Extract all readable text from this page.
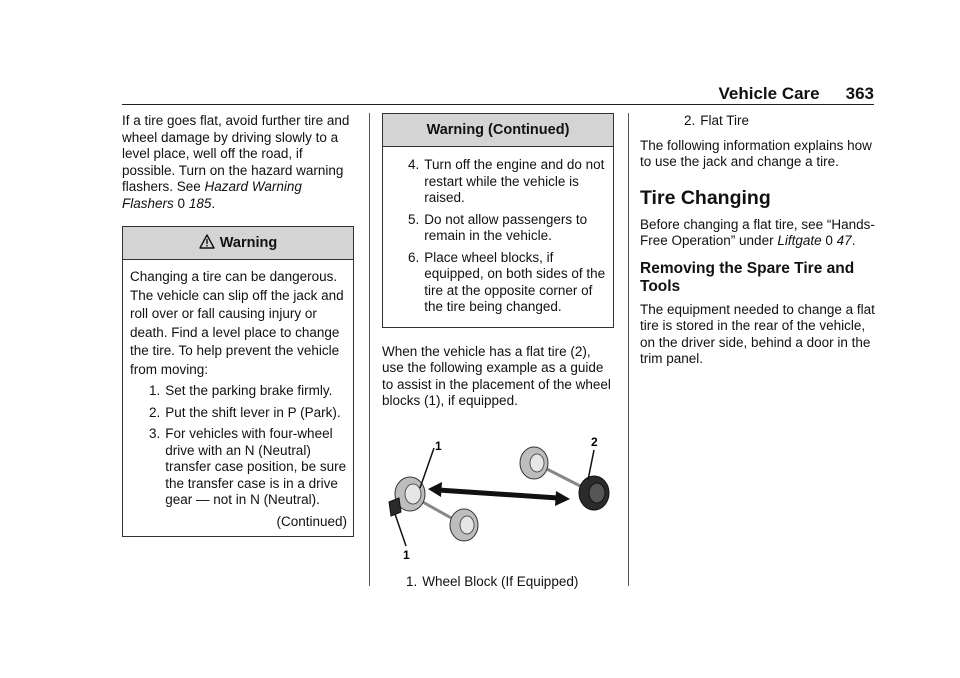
Vehicle Care 363

If a tire goes flat, avoid further tire and wheel damage by driving slowly to a level place, well off the road, if possible. Turn on the hazard warning flashers. See Hazard Warning Flashers 0 185.

Warning

Changing a tire can be dangerous. The vehicle can slip off the jack and roll over or fall causing injury or death. Find a level place to change the tire. To help prevent the vehicle from moving:

1. Set the parking brake firmly.
2. Put the shift lever in P (Park).
3. For vehicles with four-wheel drive with an N (Neutral) transfer case position, be sure the transfer case is in a drive gear — not in N (Neutral).
(Continued)
Warning (Continued)
4. Turn off the engine and do not restart while the vehicle is raised.
5. Do not allow passengers to remain in the vehicle.
6. Place wheel blocks, if equipped, on both sides of the tire at the opposite corner of the tire being changed.

When the vehicle has a flat tire (2), use the following example as a guide to assist in the placement of the wheel blocks (1), if equipped.

1
1
2
1. Wheel Block (If Equipped)
2. Flat Tire

The following information explains how to use the jack and change a tire.

Tire Changing

Before changing a flat tire, see “Hands-Free Operation” under Liftgate 0 47.

Removing the Spare Tire and Tools

The equipment needed to change a flat tire is stored in the rear of the vehicle, on the driver side, behind a door in the trim panel.
